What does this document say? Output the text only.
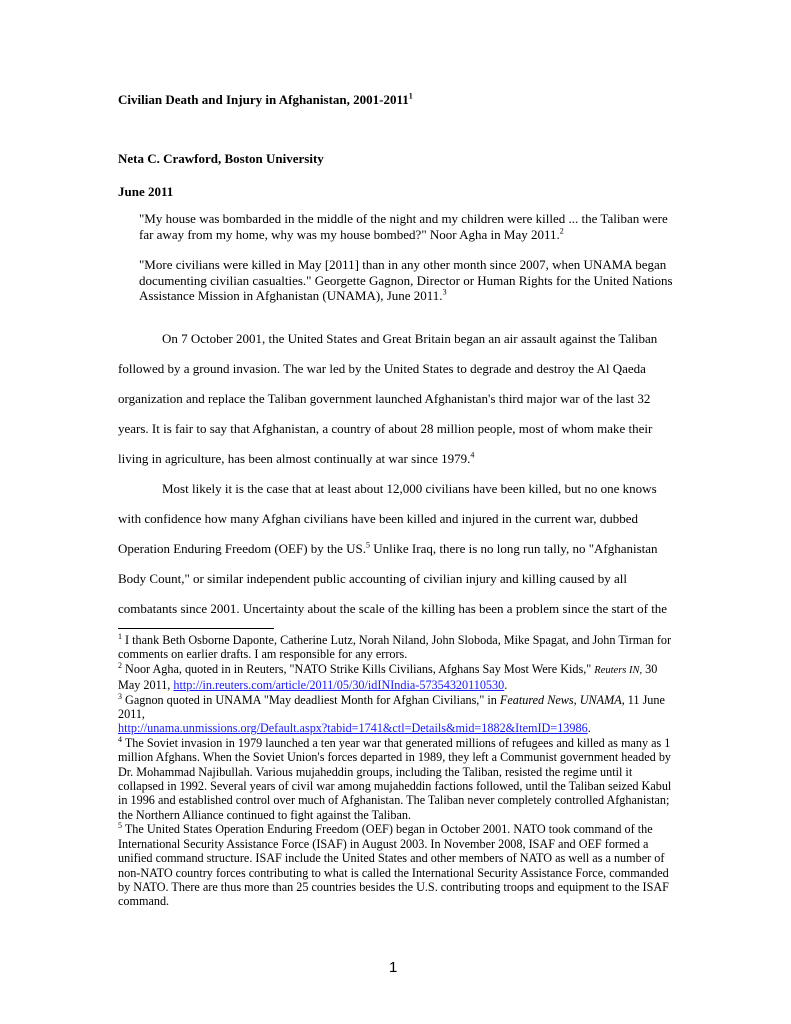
Civilian Death and Injury in Afghanistan, 2001-2011$^1$
Neta C. Crawford, Boston University
June 2011
"My house was bombarded in the middle of the night and my children were killed ... the Taliban were far away from my home, why was my house bombed?" Noor Agha in May 2011.$^2$
"More civilians were killed in May [2011] than in any other month since 2007, when UNAMA began documenting civilian casualties." Georgette Gagnon, Director or Human Rights for the United Nations Assistance Mission in Afghanistan (UNAMA), June 2011.$^3$
On 7 October 2001, the United States and Great Britain began an air assault against the Taliban followed by a ground invasion. The war led by the United States to degrade and destroy the Al Qaeda organization and replace the Taliban government launched Afghanistan's third major war of the last 32 years. It is fair to say that Afghanistan, a country of about 28 million people, most of whom make their living in agriculture, has been almost continually at war since 1979.$^4$
Most likely it is the case that at least about 12,000 civilians have been killed, but no one knows with confidence how many Afghan civilians have been killed and injured in the current war, dubbed Operation Enduring Freedom (OEF) by the US.$^5$ Unlike Iraq, there is no long run tally, no "Afghanistan Body Count," or similar independent public accounting of civilian injury and killing caused by all combatants since 2001. Uncertainty about the scale of the killing has been a problem since the start of the

$^1$ I thank Beth Osborne Daponte, Catherine Lutz, Norah Niland, John Sloboda, Mike Spagat, and John Tirman for comments on earlier drafts. I am responsible for any errors.

$^2$ Noor Agha, quoted in in Reuters, "NATO Strike Kills Civilians, Afghans Say Most Were Kids," Reuters IN, 30 May 2011, http://in.reuters.com/article/2011/05/30/idINIndia-57354320110530.

$^3$ Gagnon quoted in UNAMA "May deadliest Month for Afghan Civilians," in Featured News, UNAMA, 11 June 2011,
http://unama.unmissions.org/Default.aspx?tabid=1741&ctl=Details&mid=1882&ItemID=13986.

$^4$ The Soviet invasion in 1979 launched a ten year war that generated millions of refugees and killed as many as 1 million Afghans. When the Soviet Union's forces departed in 1989, they left a Communist government headed by Dr. Mohammad Najibullah. Various mujaheddin groups, including the Taliban, resisted the regime until it collapsed in 1992. Several years of civil war among mujaheddin factions followed, until the Taliban seized Kabul in 1996 and established control over much of Afghanistan. The Taliban never completely controlled Afghanistan; the Northern Alliance continued to fight against the Taliban.

$^5$ The United States Operation Enduring Freedom (OEF) began in October 2001. NATO took command of the International Security Assistance Force (ISAF) in August 2003. In November 2008, ISAF and OEF formed a unified command structure. ISAF include the United States and other members of NATO as well as a number of non-NATO country forces contributing to what is called the International Security Assistance Force, commanded by NATO. There are thus more than 25 countries besides the U.S. contributing troops and equipment to the ISAF command.

1
